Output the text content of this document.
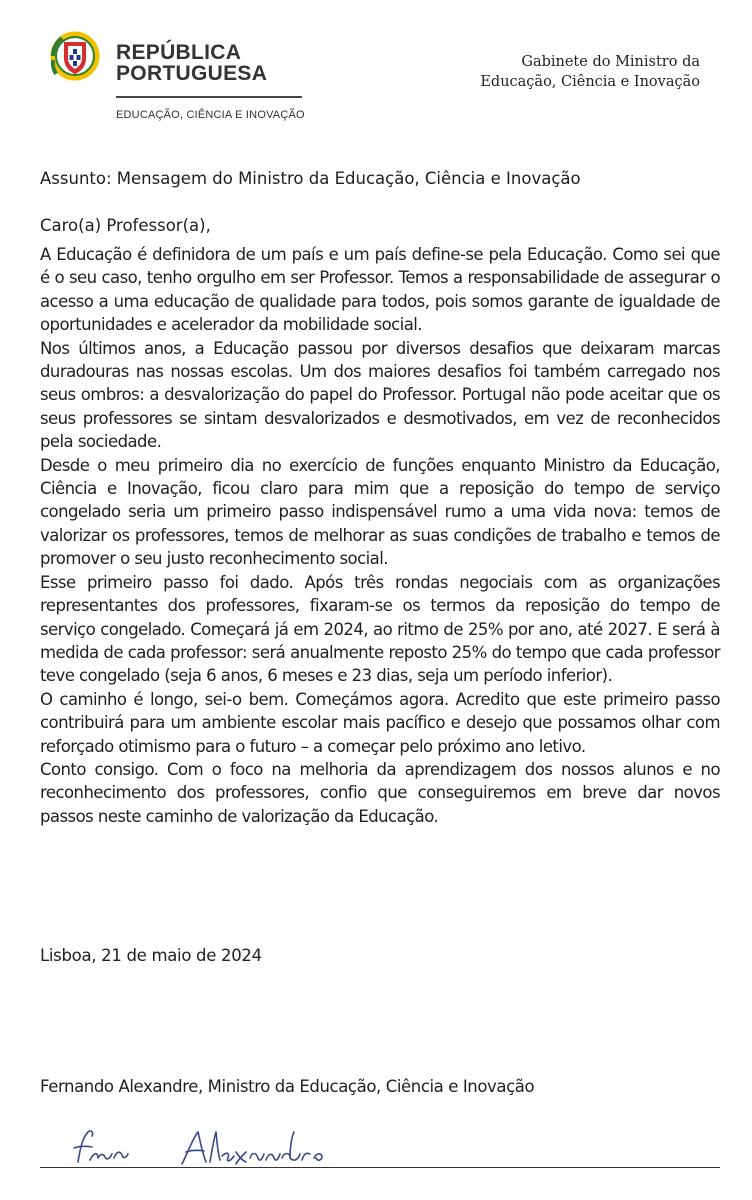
REPÚBLICA
PORTUGUESA
EDUCAÇÃO, CIÊNCIA E INOVAÇÃO
Gabinete do Ministro da
Educação, Ciência e Inovação
Assunto: Mensagem do Ministro da Educação, Ciência e Inovação
Caro(a) Professor(a),

A Educação é definidora de um país e um país define-se pela Educação. Como sei que é o seu caso, tenho orgulho em ser Professor. Temos a responsabilidade de assegurar o acesso a uma educação de qualidade para todos, pois somos garante de igualdade de oportunidades e acelerador da mobilidade social.

Nos últimos anos, a Educação passou por diversos desafios que deixaram marcas duradouras nas nossas escolas. Um dos maiores desafios foi também carregado nos seus ombros: a desvalorização do papel do Professor. Portugal não pode aceitar que os seus professores se sintam desvalorizados e desmotivados, em vez de reconhecidos pela sociedade.

Desde o meu primeiro dia no exercício de funções enquanto Ministro da Educação, Ciência e Inovação, ficou claro para mim que a reposição do tempo de serviço congelado seria um primeiro passo indispensável rumo a uma vida nova: temos de valorizar os professores, temos de melhorar as suas condições de trabalho e temos de promover o seu justo reconhecimento social.

Esse primeiro passo foi dado. Após três rondas negociais com as organizações representantes dos professores, fixaram-se os termos da reposição do tempo de serviço congelado. Começará já em 2024, ao ritmo de 25% por ano, até 2027. E será à medida de cada professor: será anualmente reposto 25% do tempo que cada professor teve congelado (seja 6 anos, 6 meses e 23 dias, seja um período inferior).

O caminho é longo, sei-o bem. Começámos agora. Acredito que este primeiro passo contribuirá para um ambiente escolar mais pacífico e desejo que possamos olhar com reforçado otimismo para o futuro – a começar pelo próximo ano letivo.

Conto consigo. Com o foco na melhoria da aprendizagem dos nossos alunos e no reconhecimento dos professores, confio que conseguiremos em breve dar novos passos neste caminho de valorização da Educação.

Lisboa, 21 de maio de 2024
Fernando Alexandre, Ministro da Educação, Ciência e Inovação
